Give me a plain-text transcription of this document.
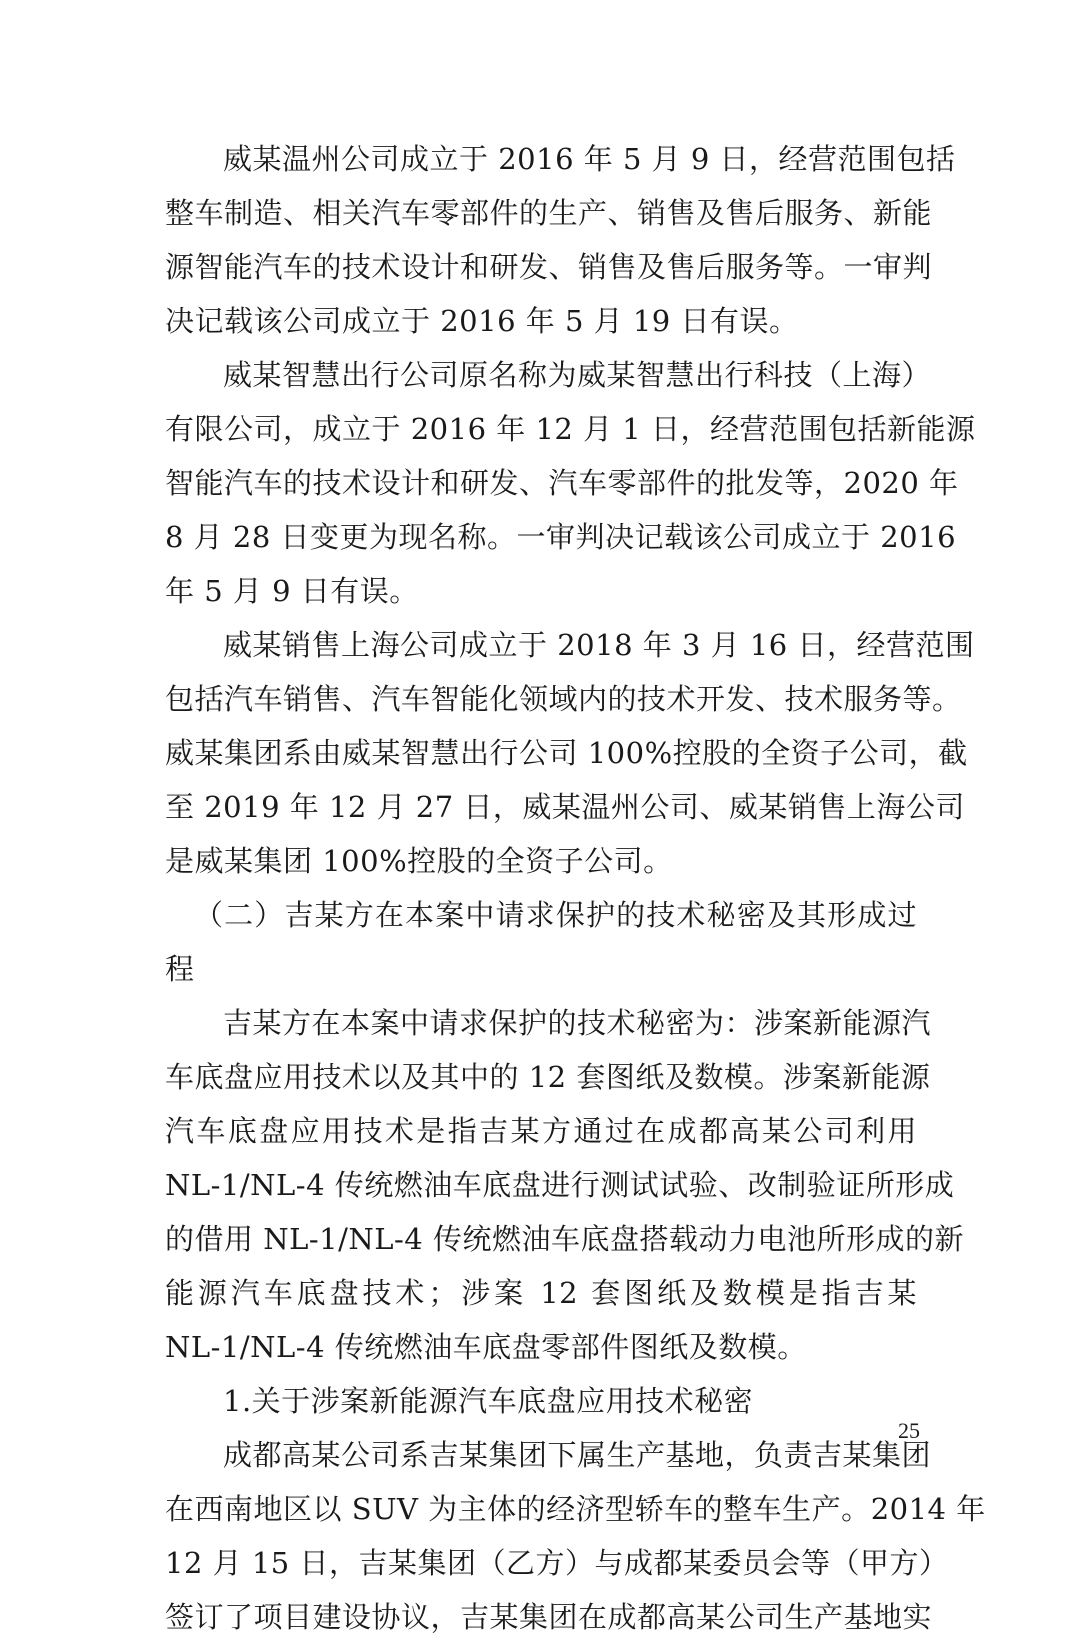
威某温州公司成立于 2016 年 5 月 9 日，经营范围包括
整车制造、相关汽车零部件的生产、销售及售后服务、新能
源智能汽车的技术设计和研发、销售及售后服务等。一审判
决记载该公司成立于 2016 年 5 月 19 日有误。
威某智慧出行公司原名称为威某智慧出行科技（上海）
有限公司，成立于 2016 年 12 月 1 日，经营范围包括新能源
智能汽车的技术设计和研发、汽车零部件的批发等，2020 年
8 月 28 日变更为现名称。一审判决记载该公司成立于 2016
年 5 月 9 日有误。
威某销售上海公司成立于 2018 年 3 月 16 日，经营范围
包括汽车销售、汽车智能化领域内的技术开发、技术服务等。
威某集团系由威某智慧出行公司 100%控股的全资子公司，截
至 2019 年 12 月 27 日，威某温州公司、威某销售上海公司
是威某集团 100%控股的全资子公司。
（二）吉某方在本案中请求保护的技术秘密及其形成过
程
吉某方在本案中请求保护的技术秘密为：涉案新能源汽
车底盘应用技术以及其中的 12 套图纸及数模。涉案新能源
汽车底盘应用技术是指吉某方通过在成都高某公司利用
NL-1/NL-4 传统燃油车底盘进行测试试验、改制验证所形成
的借用 NL-1/NL-4 传统燃油车底盘搭载动力电池所形成的新
能源汽车底盘技术；涉案 12 套图纸及数模是指吉某
NL-1/NL-4 传统燃油车底盘零部件图纸及数模。
1.关于涉案新能源汽车底盘应用技术秘密
成都高某公司系吉某集团下属生产基地，负责吉某集团
在西南地区以 SUV 为主体的经济型轿车的整车生产。2014 年
12 月 15 日，吉某集团（乙方）与成都某委员会等（甲方）
签订了项目建设协议，吉某集团在成都高某公司生产基地实
25
